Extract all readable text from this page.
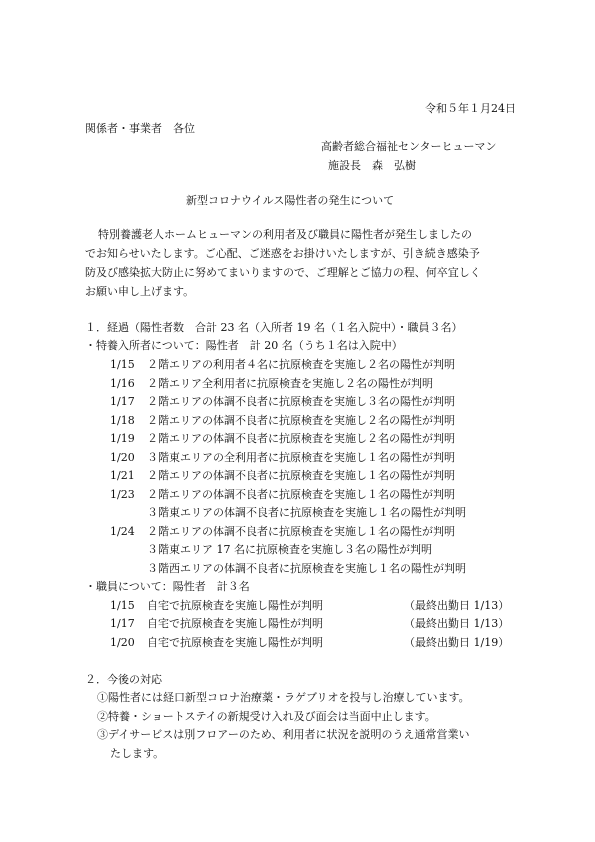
令和５年１月24日
関係者・事業者　各位
高齢者総合福祉センターヒューマン
施設長　森　弘樹
新型コロナウイルス陽性者の発生について
特別養護老人ホームヒューマンの利用者及び職員に陽性者が発生しましたの
でお知らせいたします。ご心配、ご迷惑をお掛けいたしますが、引き続き感染予
防及び感染拡大防止に努めてまいりますので、ご理解とご協力の程、何卒宜しく
お願い申し上げます。
１．経過（陽性者数　合計 23 名（入所者 19 名（１名入院中）・職員３名）
・特養入所者について：陽性者　計 20 名（うち１名は入院中）
1/15 ２階エリアの利用者４名に抗原検査を実施し２名の陽性が判明
1/16 ２階エリア全利用者に抗原検査を実施し２名の陽性が判明
1/17 ２階エリアの体調不良者に抗原検査を実施し３名の陽性が判明
1/18 ２階エリアの体調不良者に抗原検査を実施し２名の陽性が判明
1/19 ２階エリアの体調不良者に抗原検査を実施し２名の陽性が判明
1/20 ３階東エリアの全利用者に抗原検査を実施し１名の陽性が判明
1/21 ２階エリアの体調不良者に抗原検査を実施し１名の陽性が判明
1/23 ２階エリアの体調不良者に抗原検査を実施し１名の陽性が判明
３階東エリアの体調不良者に抗原検査を実施し１名の陽性が判明
1/24 ２階エリアの体調不良者に抗原検査を実施し１名の陽性が判明
３階東エリア 17 名に抗原検査を実施し３名の陽性が判明
３階西エリアの体調不良者に抗原検査を実施し１名の陽性が判明
・職員について：陽性者　計３名
1/15 自宅で抗原検査を実施し陽性が判明	（最終出勤日 1/13）
1/17 自宅で抗原検査を実施し陽性が判明	（最終出勤日 1/13）
1/20 自宅で抗原検査を実施し陽性が判明	（最終出勤日 1/19）
２．今後の対応
①陽性者には経口新型コロナ治療薬・ラゲブリオを投与し治療しています。
②特養・ショートステイの新規受け入れ及び面会は当面中止します。
③デイサービスは別フロアーのため、利用者に状況を説明のうえ通常営業い
たします。
